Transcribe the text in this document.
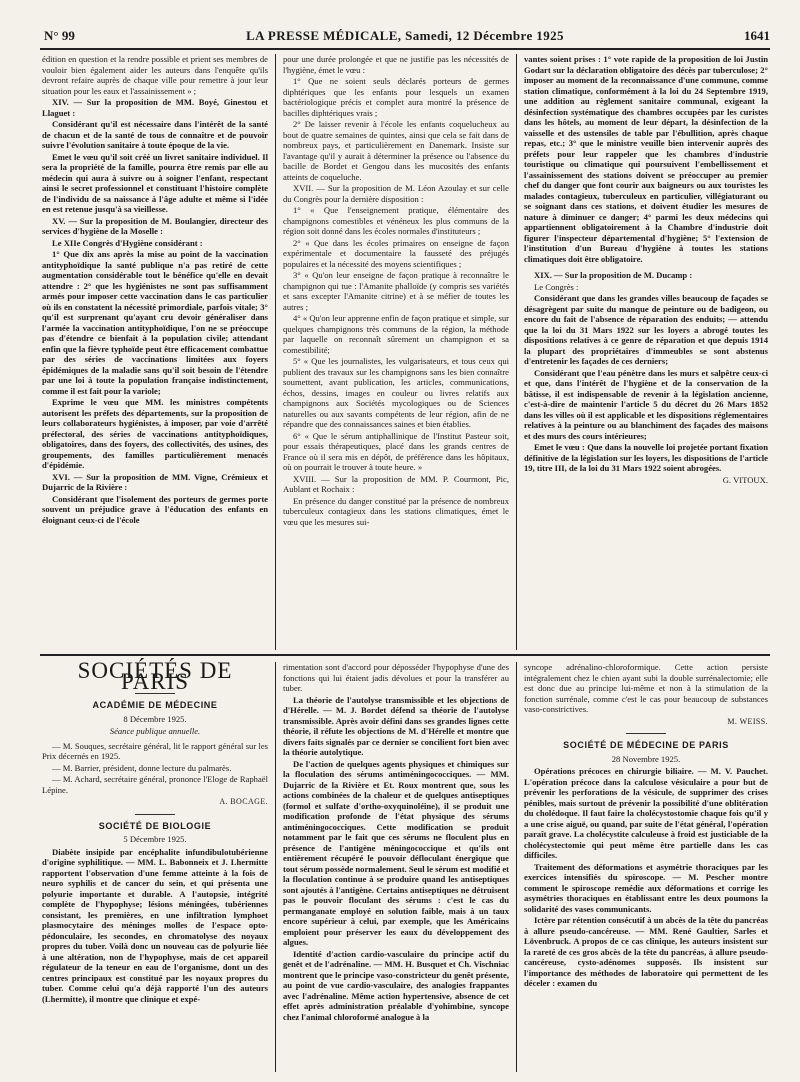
N° 99	LA PRESSE MÉDICALE, Samedi, 12 Décembre 1925	1641

édition en question et la rendre possible et prient ses membres de vouloir bien également aider les auteurs dans l'enquête qu'ils devront refaire auprès de chaque ville pour remettre à jour leur situation pour les eaux et l'assainissement » ;

XIV. — Sur la proposition de MM. Boyé, Ginestou et Llaguet :

Considérant qu'il est nécessaire dans l'intérêt de la santé de chacun et de la santé de tous de connaître et de pouvoir suivre l'évolution sanitaire à toute époque de la vie.

Emet le vœu qu'il soit créé un livret sanitaire individuel. Il sera la propriété de la famille, pourra être remis par elle au médecin qui aura à suivre ou à soigner l'enfant, respectant ainsi le secret professionnel et constituant l'histoire complète de l'individu de sa naissance à l'âge adulte et même si l'idée en est retenue jusqu'à sa vieillesse.

XV. — Sur la proposition de M. Boulangier, directeur des services d'hygiène de la Moselle :

Le XIIe Congrès d'Hygiène considérant :

1° Que dix ans après la mise au point de la vaccination antityphoïdique la santé publique n'a pas retiré de cette augmentation considérable tout le bénéfice qu'elle en devait attendre : 2° que les hygiénistes ne sont pas suffisamment armés pour imposer cette vaccination dans le cas particulier où ils en constatent la nécessité primordiale, parfois vitale; 3° qu'il est surprenant qu'ayant cru devoir généraliser dans l'armée la vaccination antityphoïdique, l'on ne se préoccupe pas d'étendre ce bienfait à la population civile; attendant enfin que la fièvre typhoïde peut être efficacement combattue par des séries de vaccinations limitées aux foyers épidémiques de la maladie sans qu'il soit besoin de l'étendre par une loi à toute la population française indistinctement, comme il est fait pour la variole;

Exprime le vœu que MM. les ministres compétents autorisent les préfets des départements, sur la proposition de leurs collaborateurs hygiénistes, à imposer, par voie d'arrêté préfectoral, des séries de vaccinations antityphoïdiques, obligatoires, dans des foyers, des collectivités, des usines, des groupements, des familles particulièrement menacés d'épidémie.

XVI. — Sur la proposition de MM. Vigne, Crémieux et Dujarric de la Rivière :

Considérant que l'isolement des porteurs de germes porte souvent un préjudice grave à l'éducation des enfants en éloignant ceux-ci de l'école

pour une durée prolongée et que ne justifie pas les nécessités de l'hygiène, émet le vœu :

1° Que ne soient seuls déclarés porteurs de germes diphtériques que les enfants pour lesquels un examen bactériologique précis et complet aura montré la présence de bacilles diphtériques vrais ;

2° De laisser revenir à l'école les enfants coquelucheux au bout de quatre semaines de quintes, ainsi que cela se fait dans de nombreux pays, et particulièrement en Danemark. Insiste sur l'avantage qu'il y aurait à déterminer la présence ou l'absence du bacille de Bordet et Gengou dans les mucosités des enfants atteints de coqueluche.

XVII. — Sur la proposition de M. Léon Azoulay et sur celle du Congrès pour la dernière disposition :

1° « Que l'enseignement pratique, élémentaire des champignons comestibles et vénéneux les plus communs de la région soit donné dans les écoles normales d'instituteurs ;

2° « Que dans les écoles primaires on enseigne de façon expérimentale et documentaire la fausseté des préjugés populaires et la nécessité des moyens scientifiques ;

3° « Qu'on leur enseigne de façon pratique à reconnaître le champignon qui tue : l'Amanite phalloïde (y compris ses variétés et sans excepter l'Amanite citrine) et à se méfier de toutes les autres ;

4° « Qu'on leur apprenne enfin de façon pratique et simple, sur quelques champignons très communs de la région, la méthode par laquelle on reconnaît sûrement un champignon et sa comestibilité;

5° « Que les journalistes, les vulgarisateurs, et tous ceux qui publient des travaux sur les champignons sans les bien connaître soumettent, avant publication, les articles, communications, échos, dessins, images en couleur ou livres relatifs aux champignons aux Sociétés mycologiques ou de Sciences naturelles ou aux savants compétents de leur région, afin de ne répandre que des connaissances saines et bien établies.

6° « Que le sérum antiphallinique de l'Institut Pasteur soit, pour essais thérapeutiques, placé dans les grands centres de France où il sera mis en dépôt, de préférence dans les hôpitaux, où on pourrait le trouver à toute heure. »

XVIII. — Sur la proposition de MM. P. Courmont, Pic, Aublant et Rochaix :

En présence du danger constitué par la présence de nombreux tuberculeux contagieux dans les stations climatiques, émet le vœu que les mesures sui-

vantes soient prises : 1° vote rapide de la proposition de loi Justin Godart sur la déclaration obligatoire des décès par tuberculose; 2° imposer au moment de la reconnaissance d'une commune, comme station climatique, conformément à la loi du 24 Septembre 1919, une addition au règlement sanitaire communal, exigeant la désinfection systématique des chambres occupées par les curistes dans les hôtels, au moment de leur départ, la désinfection de la vaisselle et des ustensiles de table par l'ébullition, après chaque repas, etc.; 3° que le ministre veuille bien intervenir auprès des préfets pour leur rappeler que les chambres d'industrie touristique ou climatique qui poursuivent l'embellissement et l'assainissement des stations doivent se préoccuper au premier chef du danger que font courir aux baigneurs ou aux touristes les malades contagieux, tuberculeux en particulier, villégiaturant ou se soignant dans ces stations, et doivent étudier les mesures de nature à diminuer ce danger; 4° parmi les deux médecins qui appartiennent obligatoirement à la Chambre d'industrie doit figurer l'inspecteur départemental d'hygiène; 5° l'extension de l'institution d'un Bureau d'hygiène à toutes les stations climatiques doit être obligatoire.

XIX. — Sur la proposition de M. Ducamp :

Le Congrès :

Considérant que dans les grandes villes beaucoup de façades se désagrègent par suite du manque de peinture ou de badigeon, ou encore du fait de l'absence de réparation des enduits; — attendu que la loi du 31 Mars 1922 sur les loyers a abrogé toutes les dispositions relatives à ce genre de réparation et que depuis 1914 la plupart des propriétaires d'immeubles se sont abstenus d'entretenir les façades de ces derniers;

Considérant que l'eau pénètre dans les murs et salpêtre ceux-ci et que, dans l'intérêt de l'hygiène et de la conservation de la bâtisse, il est indispensable de revenir à la législation ancienne, c'est-à-dire de maintenir l'article 5 du décret du 26 Mars 1852 dans les villes où il est applicable et les dispositions réglementaires relatives à la peinture ou au blanchiment des façades des maisons et des murs des cours intérieures;

Emet le vœu : Que dans la nouvelle loi projetée portant fixation définitive de la législation sur les loyers, les dispositions de l'article 19, titre III, de la loi du 31 Mars 1922 soient abrogées.

G. VITOUX.

SOCIÉTÉS DE PARIS
ACADÉMIE DE MÉDECINE
8 Décembre 1925.
Séance publique annuelle.

— M. Souques, secrétaire général, lit le rapport général sur les Prix décernés en 1925.

— M. Barrier, président, donne lecture du palmarès.

— M. Achard, secrétaire général, prononce l'Eloge de Raphaël Lépine.

A. BOCAGE.
SOCIÉTÉ DE BIOLOGIE
5 Décembre 1925.

Diabète insipide par encéphalite infundibulotubérienne d'origine syphilitique. — MM. L. Babonneix et J. Lhermitte rapportent l'observation d'une femme atteinte à la fois de neuro syphilis et de cancer du sein, et qui présenta une polyurie importante et durable. A l'autopsie, intégrité complète de l'hypophyse; lésions méningées, tubériennes consistant, les premières, en une infiltration lymphoet plasmocytaire des méninges molles de l'espace opto-pédonculaire, les secondes, en chromatolyse des noyaux propres du tuber. Voilà donc un nouveau cas de polyurie liée à une altération, non de l'hypophyse, mais de cet appareil régulateur de la teneur en eau de l'organisme, dont un des centres principaux est constitué par les noyaux propres du tuber. Comme celui qu'a déjà rapporté l'un des auteurs (Lhermitte), il montre que clinique et expé-

rimentation sont d'accord pour déposséder l'hypophyse d'une des fonctions qui lui étaient jadis dévolues et pour la transférer au tuber.

La théorie de l'autolyse transmissible et les objections de d'Hérelle. — M. J. Bordet défend sa théorie de l'autolyse transmissible. Après avoir défini dans ses grandes lignes cette théorie, il réfute les objections de M. d'Hérelle et montre que divers faits signalés par ce dernier se concilient fort bien avec la théorie autolytique.

De l'action de quelques agents physiques et chimiques sur la floculation des sérums antiméningococciques. — MM. Dujarric de la Rivière et Et. Roux montrent que, sous les actions combinées de la chaleur et de quelques antiseptiques (formol et sulfate d'ortho-oxyquinoléine), il se produit une modification profonde de l'état physique des sérums antiméningococciques. Cette modification se produit notamment par le fait que ces sérums ne floculent plus en présence de l'antigène méningococcique et qu'ils ont entièrement récupéré le pouvoir défloculant énergique que tout sérum possède normalement. Seul le sérum est modifié et la floculation continue à se produire quand les antiseptiques sont ajoutés à l'antigène. Certains antiseptiques ne détruisent pas le pouvoir floculant des sérums : c'est le cas du permanganate employé en solution faible, mais à un taux encore supérieur à celui, par exemple, que les Américains emploient pour préserver les eaux du développement des algues.

Identité d'action cardio-vasculaire du principe actif du genêt et de l'adrénaline. — MM. H. Busquet et Ch. Vischniac montrent que le principe vaso-constricteur du genêt présente, au point de vue cardio-vasculaire, des analogies frappantes avec l'adrénaline. Même action hypertensive, absence de cet effet après administration préalable d'yohimbine, syncope chez l'animal chloroformé analogue à la

syncope adrénalino-chloroformique. Cette action persiste intégralement chez le chien ayant subi la double surrénalectomie; elle est donc due au principe lui-même et non à la stimulation de la fonction surrénale, comme c'est le cas pour beaucoup de substances vaso-constrictives.

M. WEISS.
SOCIÉTÉ DE MÉDECINE DE PARIS
28 Novembre 1925.

Opérations précoces en chirurgie biliaire. — M. V. Pauchet. L'opération précoce dans la calculose vésiculaire a pour but de prévenir les perforations de la vésicule, de supprimer des crises pénibles, mais surtout de prévenir la possibilité d'une oblitération du cholédoque. Il faut faire la cholécystostomie chaque fois qu'il y a une crise aiguë, ou quand, par suite de l'état général, l'opération paraît grave. La cholécystite calculeuse à froid est justiciable de la cholécystectomie qui peut même être partielle dans les cas difficiles.

Traitement des déformations et asymétrie thoraciques par les exercices intensifiés du spiroscope. — M. Pescher montre comment le spiroscope remédie aux déformations et corrige les asymétries thoraciques en établissant entre les deux poumons la solidarité des vases communicants.

Ictère par rétention consécutif à un abcès de la tête du pancréas à allure pseudo-cancéreuse. — MM. René Gaultier, Sarles et Lövenbruck. A propos de ce cas clinique, les auteurs insistent sur la rareté de ces gros abcès de la tête du pancréas, à allure pseudo-cancéreuse, cysto-adénomes supposés. Ils insistent sur l'importance des méthodes de laboratoire qui permettent de les déceler : examen du
